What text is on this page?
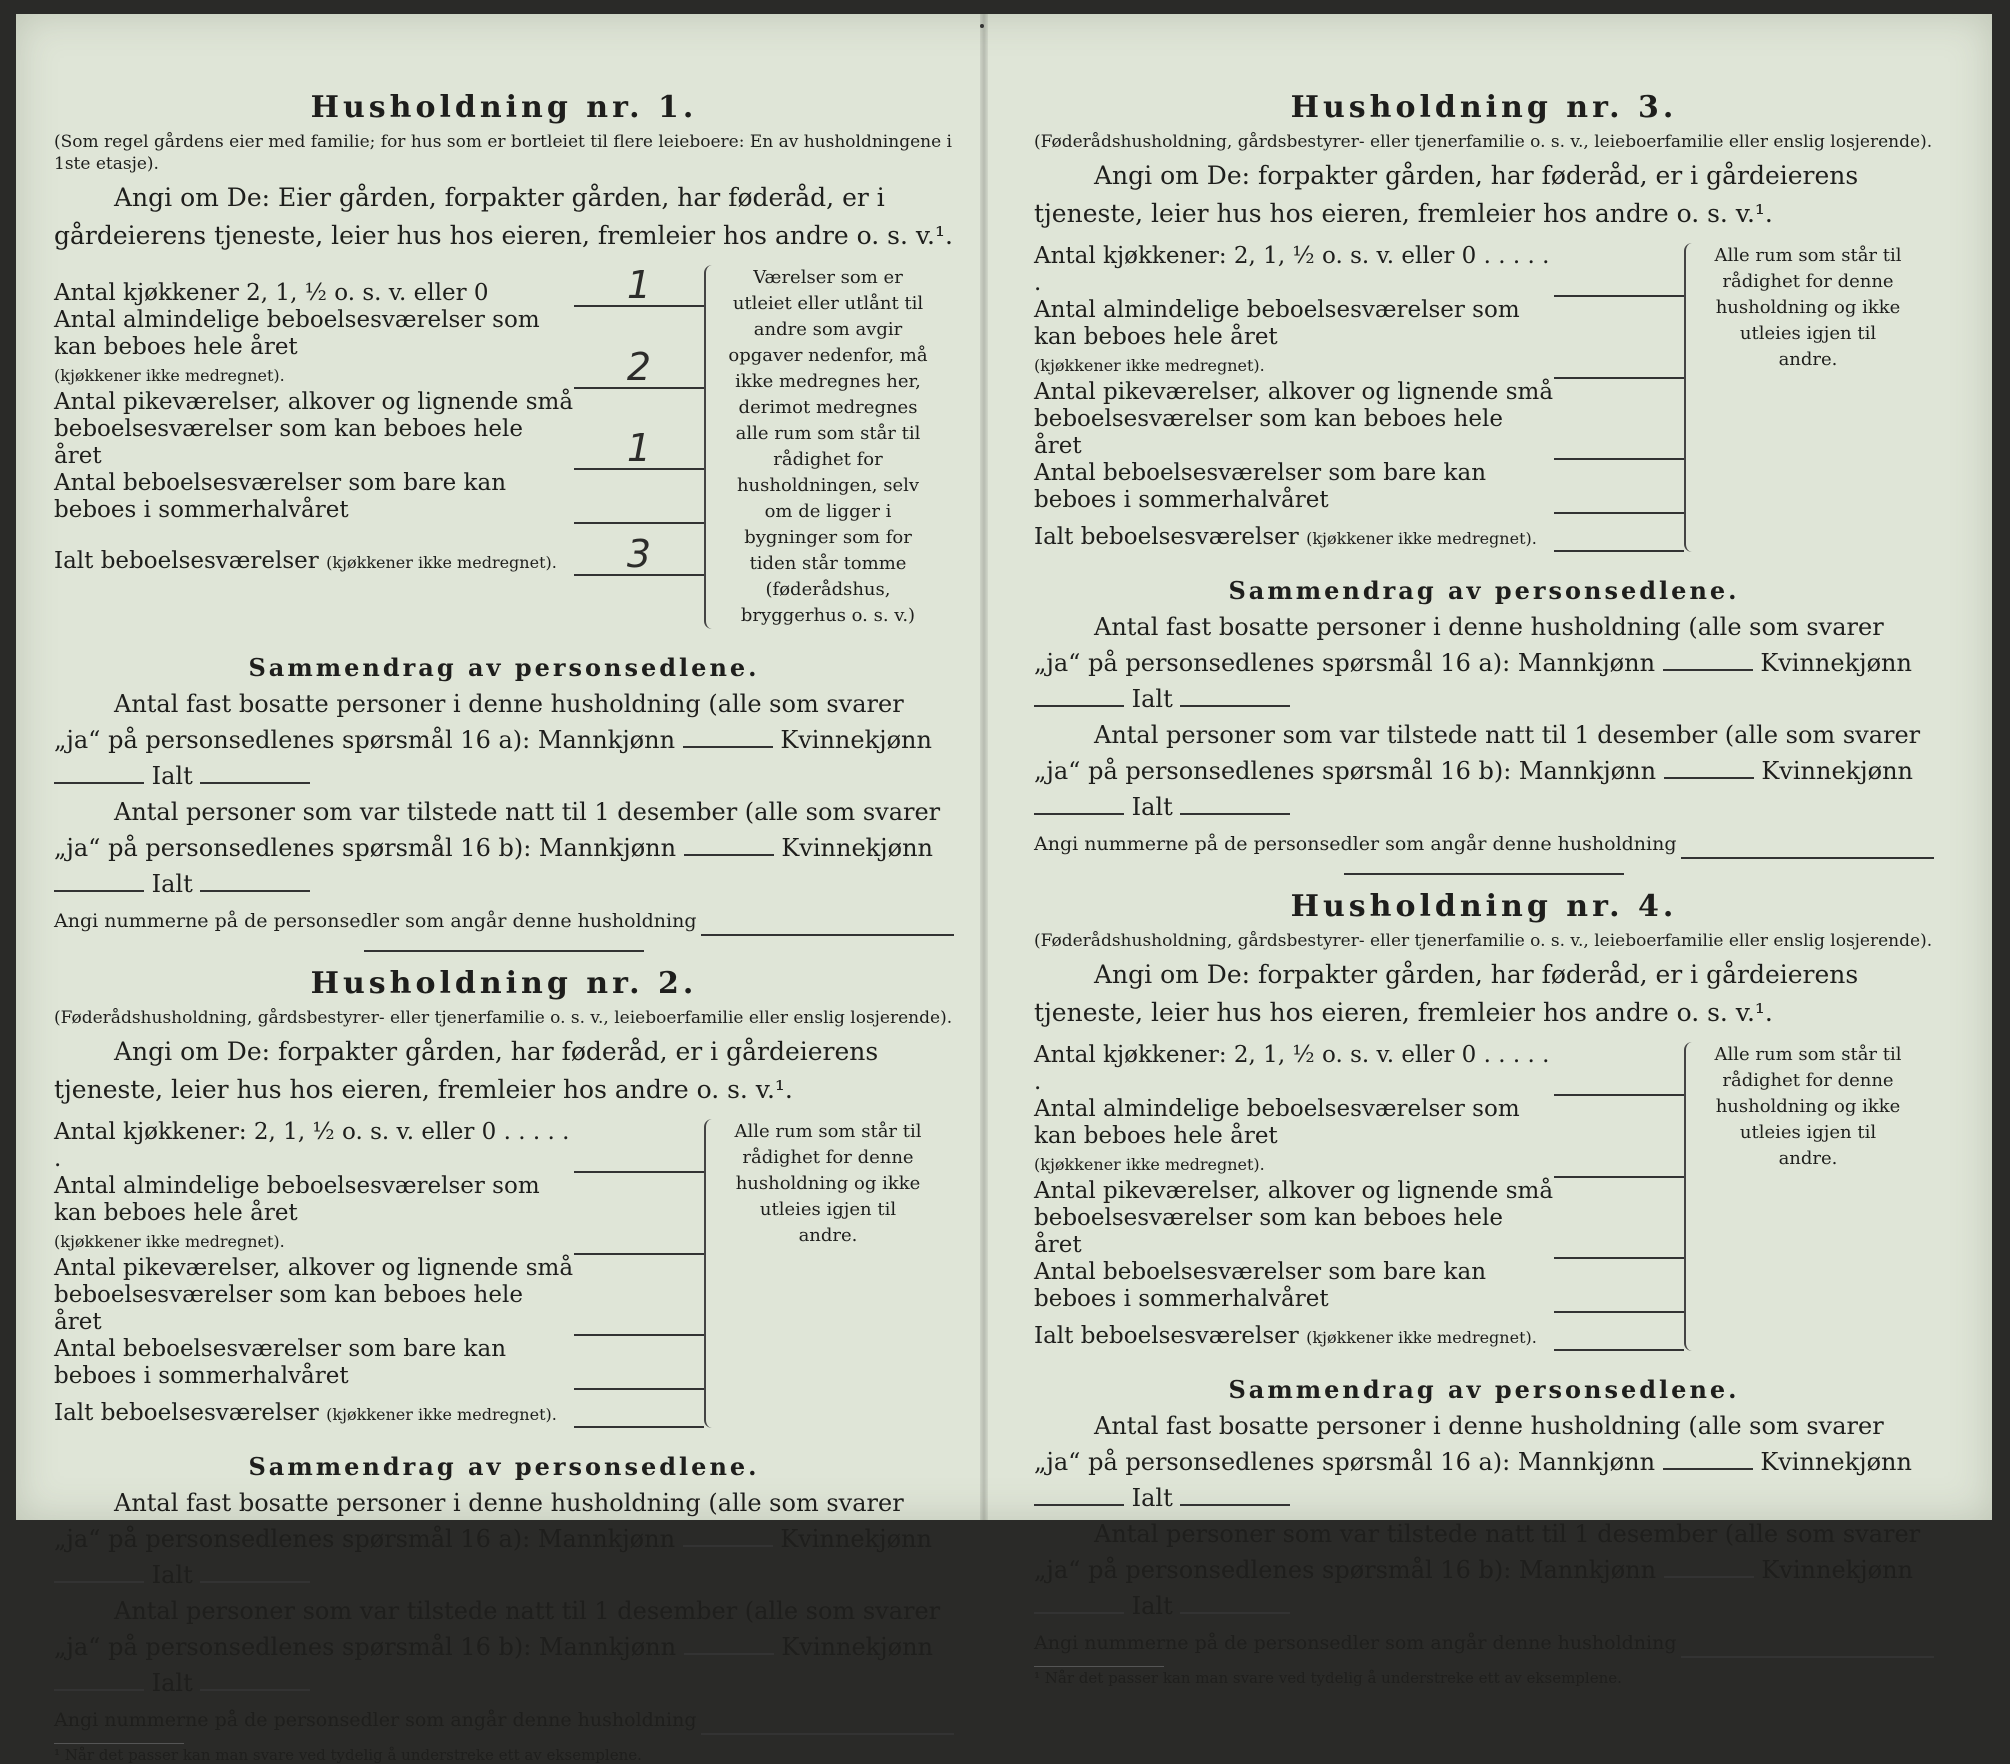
Husholdning nr. 1.
(Som regel gårdens eier med familie; for hus som er bortleiet til flere leieboere: En av husholdningene i 1ste etasje).

Angi om De: Eier gården, forpakter gården, har føderåd, er i gårdeierens tjeneste, leier hus hos eieren, fremleier hos andre o. s. v.¹.

Antal kjøkkener 2, 1, ½ o. s. v. eller 0	1
Antal almindelige beboelsesværelser som kan beboes hele året
(kjøkkener ikke medregnet).	2
Antal pikeværelser, alkover og lignende små beboelsesværelser som kan beboes hele året	1
Antal beboelsesværelser som bare kan beboes i sommerhalvåret
Ialt beboelsesværelser (kjøkkener ikke medregnet).	3
Værelser som er utleiet eller utlånt til andre som avgir opgaver nedenfor, må ikke medregnes her, derimot medregnes alle rum som står til rådighet for husholdningen, selv om de ligger i bygninger som for tiden står tomme (føderådshus, bryggerhus o. s. v.)
Sammendrag av personsedlene.
Antal fast bosatte personer i denne husholdning (alle som svarer „ja“ på personsedlenes spørsmål 16 a): Mannkjønn	Kvinnekjønn  Ialt
Antal personer som var tilstede natt til 1 desember (alle som svarer „ja“ på personsedlenes spørsmål 16 b): Mannkjønn	Kvinnekjønn  Ialt
Angi nummerne på de personsedler som angår denne husholdning
Husholdning nr. 2.
(Føderådshusholdning, gårdsbestyrer- eller tjenerfamilie o. s. v., leieboerfamilie eller enslig losjerende).

Angi om De: forpakter gården, har føderåd, er i gårdeierens tjeneste, leier hus hos eieren, fremleier hos andre o. s. v.¹.

Antal kjøkkener: 2, 1, ½ o. s. v. eller 0 . . . . . .
Antal almindelige beboelsesværelser som kan beboes hele året
(kjøkkener ikke medregnet).
Antal pikeværelser, alkover og lignende små beboelsesværelser som kan beboes hele året
Antal beboelsesværelser som bare kan beboes i sommerhalvåret
Ialt beboelsesværelser (kjøkkener ikke medregnet).
Alle rum som står til rådighet for denne husholdning og ikke utleies igjen til andre.
Sammendrag av personsedlene.
Antal fast bosatte personer i denne husholdning (alle som svarer „ja“ på personsedlenes spørsmål 16 a): Mannkjønn	Kvinnekjønn  Ialt
Antal personer som var tilstede natt til 1 desember (alle som svarer „ja“ på personsedlenes spørsmål 16 b): Mannkjønn	Kvinnekjønn  Ialt
Angi nummerne på de personsedler som angår denne husholdning
¹ Når det passer kan man svare ved tydelig å understreke ett av eksemplene.
Husholdning nr. 3.
(Føderådshusholdning, gårdsbestyrer- eller tjenerfamilie o. s. v., leieboerfamilie eller enslig losjerende).

Angi om De: forpakter gården, har føderåd, er i gårdeierens tjeneste, leier hus hos eieren, fremleier hos andre o. s. v.¹.

Antal kjøkkener: 2, 1, ½ o. s. v. eller 0 . . . . . .
Antal almindelige beboelsesværelser som kan beboes hele året
(kjøkkener ikke medregnet).
Antal pikeværelser, alkover og lignende små beboelsesværelser som kan beboes hele året
Antal beboelsesværelser som bare kan beboes i sommerhalvåret
Ialt beboelsesværelser (kjøkkener ikke medregnet).
Alle rum som står til rådighet for denne husholdning og ikke utleies igjen til andre.
Sammendrag av personsedlene.
Antal fast bosatte personer i denne husholdning (alle som svarer „ja“ på personsedlenes spørsmål 16 a): Mannkjønn	Kvinnekjønn  Ialt
Antal personer som var tilstede natt til 1 desember (alle som svarer „ja“ på personsedlenes spørsmål 16 b): Mannkjønn	Kvinnekjønn  Ialt
Angi nummerne på de personsedler som angår denne husholdning
Husholdning nr. 4.
(Føderådshusholdning, gårdsbestyrer- eller tjenerfamilie o. s. v., leieboerfamilie eller enslig losjerende).

Angi om De: forpakter gården, har føderåd, er i gårdeierens tjeneste, leier hus hos eieren, fremleier hos andre o. s. v.¹.

Antal kjøkkener: 2, 1, ½ o. s. v. eller 0 . . . . . .
Antal almindelige beboelsesværelser som kan beboes hele året
(kjøkkener ikke medregnet).
Antal pikeværelser, alkover og lignende små beboelsesværelser som kan beboes hele året
Antal beboelsesværelser som bare kan beboes i sommerhalvåret
Ialt beboelsesværelser (kjøkkener ikke medregnet).
Alle rum som står til rådighet for denne husholdning og ikke utleies igjen til andre.
Sammendrag av personsedlene.
Antal fast bosatte personer i denne husholdning (alle som svarer „ja“ på personsedlenes spørsmål 16 a): Mannkjønn	Kvinnekjønn  Ialt
Antal personer som var tilstede natt til 1 desember (alle som svarer „ja“ på personsedlenes spørsmål 16 b): Mannkjønn	Kvinnekjønn  Ialt
Angi nummerne på de personsedler som angår denne husholdning
¹ Når det passer kan man svare ved tydelig å understreke ett av eksemplene.
